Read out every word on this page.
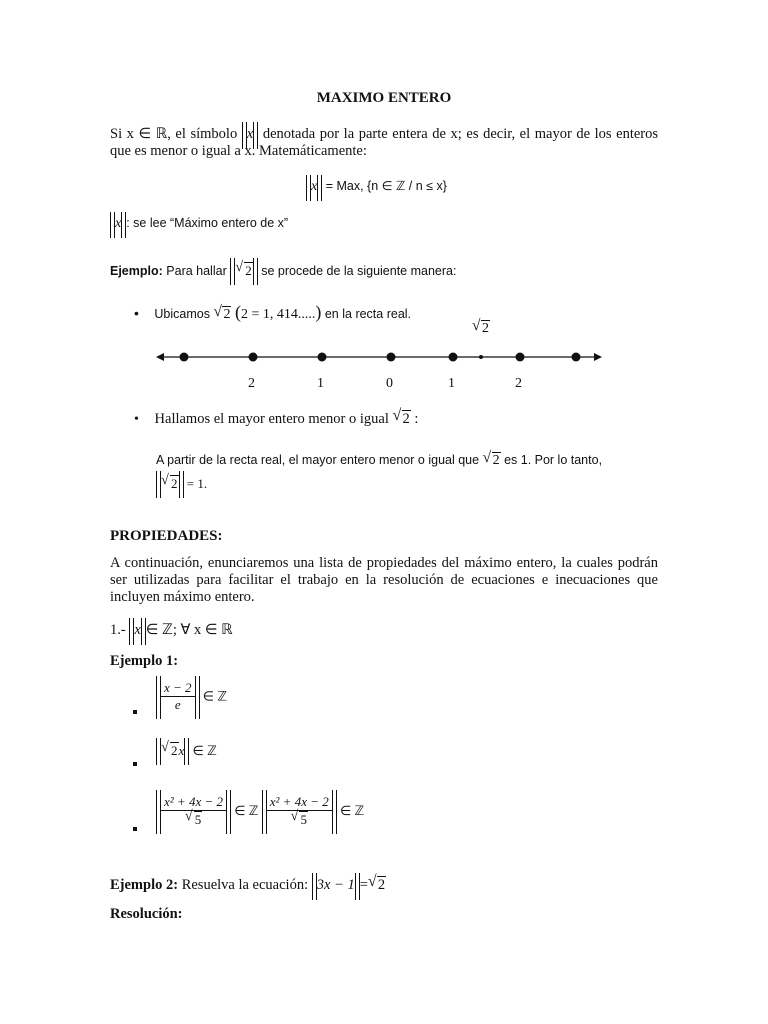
MAXIMO ENTERO
Si x ∈ ℝ, el símbolo x denotada por la parte entera de x; es decir, el mayor de los enteros que es menor o igual a x. Matemáticamente:
x = Max, {n ∈ ℤ / n ≤ x}
x : se lee “Máximo entero de x”
Ejemplo: Para hallar √ 2 se procede de la siguiente manera:
• Ubicamos √ 2 (2 = 1, 414.....) en la recta real.
√ 2
2	1	0	1	2
• Hallamos el mayor entero menor o igual √ 2 :
A partir de la recta real, el mayor entero menor o igual que √ 2 es 1. Por lo tanto,
√ 2 = 1.
PROPIEDADES:
A continuación, enunciaremos una lista de propiedades del máximo entero, la cuales podrán ser utilizadas para facilitar el trabajo en la resolución de ecuaciones e inecuaciones que incluyen máximo entero.
1.- x ∈ ℤ; ∀ x ∈ ℝ
Ejemplo 1:
$\frac{x - 2}{e}$ ∈ ℤ
√ 2x ∈ ℤ
$\frac{\text{x² + 4x − 2}}{√ 5}$ ∈ ℤ $\frac{\text{x² + 4x − 2}}{√ 5}$ ∈ ℤ
Ejemplo 2: Resuelva la ecuación: 3x − 1 = √ 2
Resolución:
